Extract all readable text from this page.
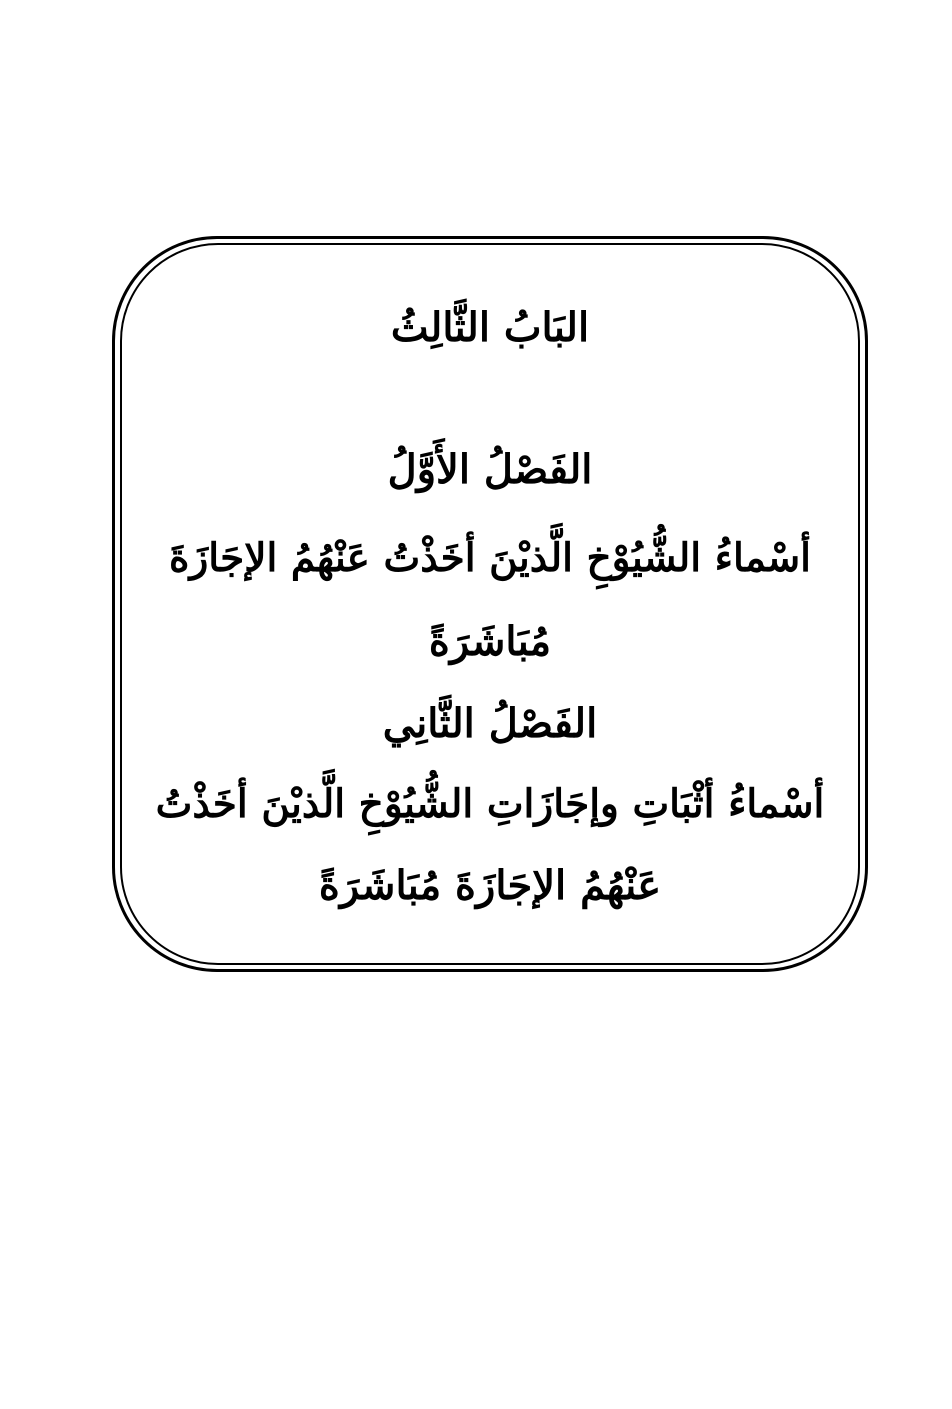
البَابُ الثَّالِثُ
الفَصْلُ الأَوَّلُ
أسْماءُ الشُّيُوْخِ الَّذيْنَ أخَذْتُ عَنْهُمُ الإجَازَةَ
مُبَاشَرَةً
الفَصْلُ الثَّانِي
أسْماءُ أثْبَاتِ وإجَازَاتِ الشُّيُوْخِ الَّذيْنَ أخَذْتُ
عَنْهُمُ الإجَازَةَ مُبَاشَرَةً
